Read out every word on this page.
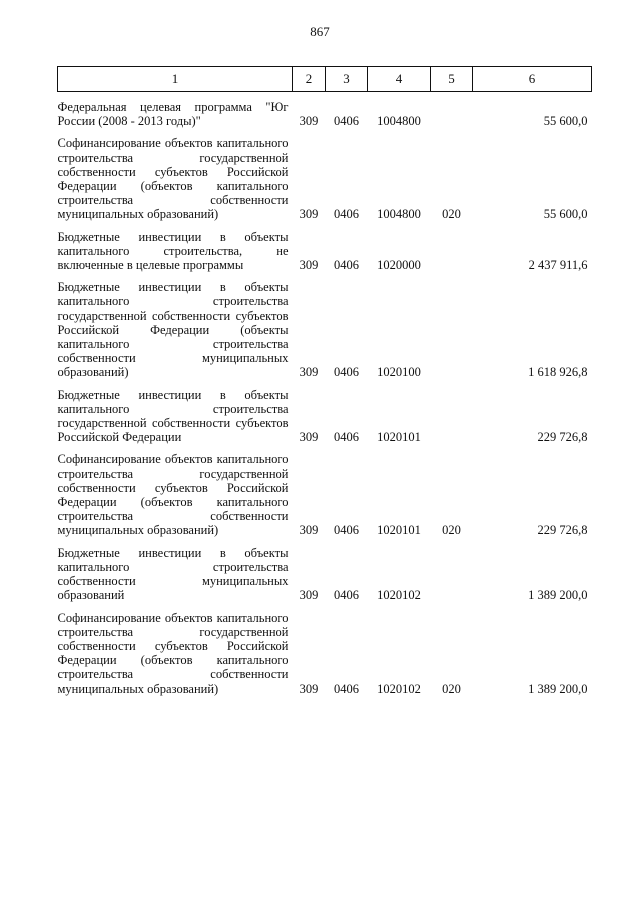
867
1	2	3	4	5	6

Федеральная целевая программа "Юг России (2008 - 2013 годы)"	309	0406	1004800		55 600,0

Софинансирование объектов капитального строительства государственной собственности субъектов Российской Федерации (объектов капитального строительства собственности муниципальных образований)	309	0406	1004800	020	55 600,0

Бюджетные инвестиции в объекты капитального строительства, не включенные в целевые программы	309	0406	1020000		2 437 911,6

Бюджетные инвестиции в объекты капитального строительства государственной собственности субъектов Российской Федерации (объекты капитального строительства собственности муниципальных образований)	309	0406	1020100		1 618 926,8

Бюджетные инвестиции в объекты капитального строительства государственной собственности субъектов Российской Федерации	309	0406	1020101		229 726,8

Софинансирование объектов капитального строительства государственной собственности субъектов Российской Федерации (объектов капитального строительства собственности муниципальных образований)	309	0406	1020101	020	229 726,8

Бюджетные инвестиции в объекты капитального строительства собственности муниципальных образований	309	0406	1020102		1 389 200,0

Софинансирование объектов капитального строительства государственной собственности субъектов Российской Федерации (объектов капитального строительства собственности муниципальных образований)	309	0406	1020102	020	1 389 200,0
